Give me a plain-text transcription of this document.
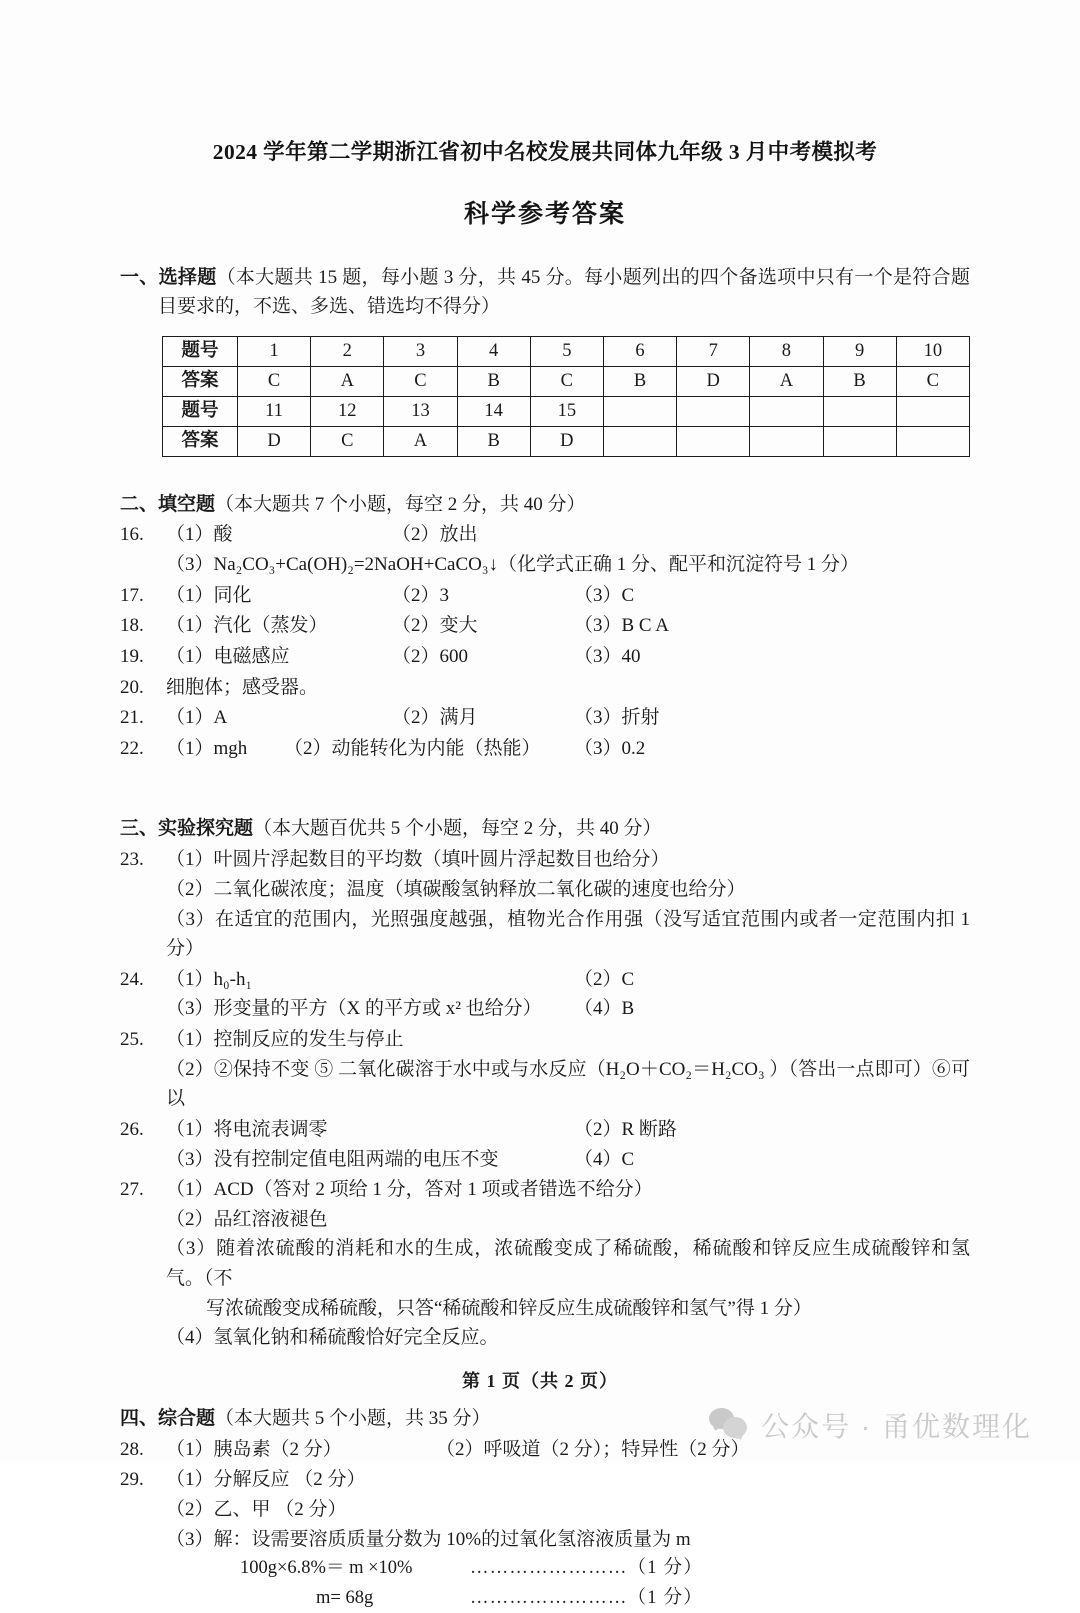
2024 学年第二学期浙江省初中名校发展共同体九年级 3 月中考模拟考
科学参考答案
一、选择题（本大题共 15 题，每小题 3 分，共 45 分。每小题列出的四个备选项中只有一个是符合题目要求的，不选、多选、错选均不得分）
题号	1	2	3	4	5	6	7	8	9	10
答案	C	A	C	B	C	B	D	A	B	C
题号	11	12	13	14	15					
答案	D	C	A	B	D					
二、填空题（本大题共 7 个小题，每空 2 分，共 40 分）
16.	（1）酸	（2）放出
（3）Na₂CO₃+Ca(OH)₂=2NaOH+CaCO₃↓（化学式正确 1 分、配平和沉淀符号 1 分）
17.	（1）同化	（2）3	（3）C
18.	（1）汽化（蒸发）	（2）变大	（3）B C A
19.	（1）电磁感应	（2）600	（3）40
20.	细胞体；感受器。
21.	（1）A	（2）满月	（3）折射
22.	（1）mgh	（2）动能转化为内能（热能）	（3）0.2
三、实验探究题（本大题百优共 5 个小题，每空 2 分，共 40 分）
23.	（1）叶圆片浮起数目的平均数（填叶圆片浮起数目也给分）
（2）二氧化碳浓度；温度（填碳酸氢钠释放二氧化碳的速度也给分）
（3）在适宜的范围内，光照强度越强，植物光合作用强（没写适宜范围内或者一定范围内扣 1 分）
24.	（1）h₀-h₁	（2）C
（3）形变量的平方（X 的平方或 x² 也给分）	（4）B
25.	（1）控制反应的发生与停止
（2）②保持不变 ⑤ 二氧化碳溶于水中或与水反应（H₂O＋CO₂＝H₂CO₃ ）（答出一点即可）⑥可以
26.	（1）将电流表调零	（2）R 断路
（3）没有控制定值电阻两端的电压不变	（4）C
27.	（1）ACD（答对 2 项给 1 分，答对 1 项或者错选不给分）
（2）品红溶液褪色
（3）随着浓硫酸的消耗和水的生成，浓硫酸变成了稀硫酸，稀硫酸和锌反应生成硫酸锌和氢气。（不
写浓硫酸变成稀硫酸，只答“稀硫酸和锌反应生成硫酸锌和氢气”得 1 分）
（4）氢氧化钠和稀硫酸恰好完全反应。
四、综合题（本大题共 5 个小题，共 35 分）
28.	（1）胰岛素（2 分）	（2）呼吸道（2 分）；特异性（2 分）
29.	（1）分解反应 （2 分）
（2）乙、甲 （2 分）
（3）解：设需要溶质质量分数为 10%的过氧化氢溶液质量为 m
100g×6.8%＝ m ×10%	……………………（1 分）
m= 68g	……………………（1 分）
第 1 页（共 2 页）
公众号 · 甬优数理化
